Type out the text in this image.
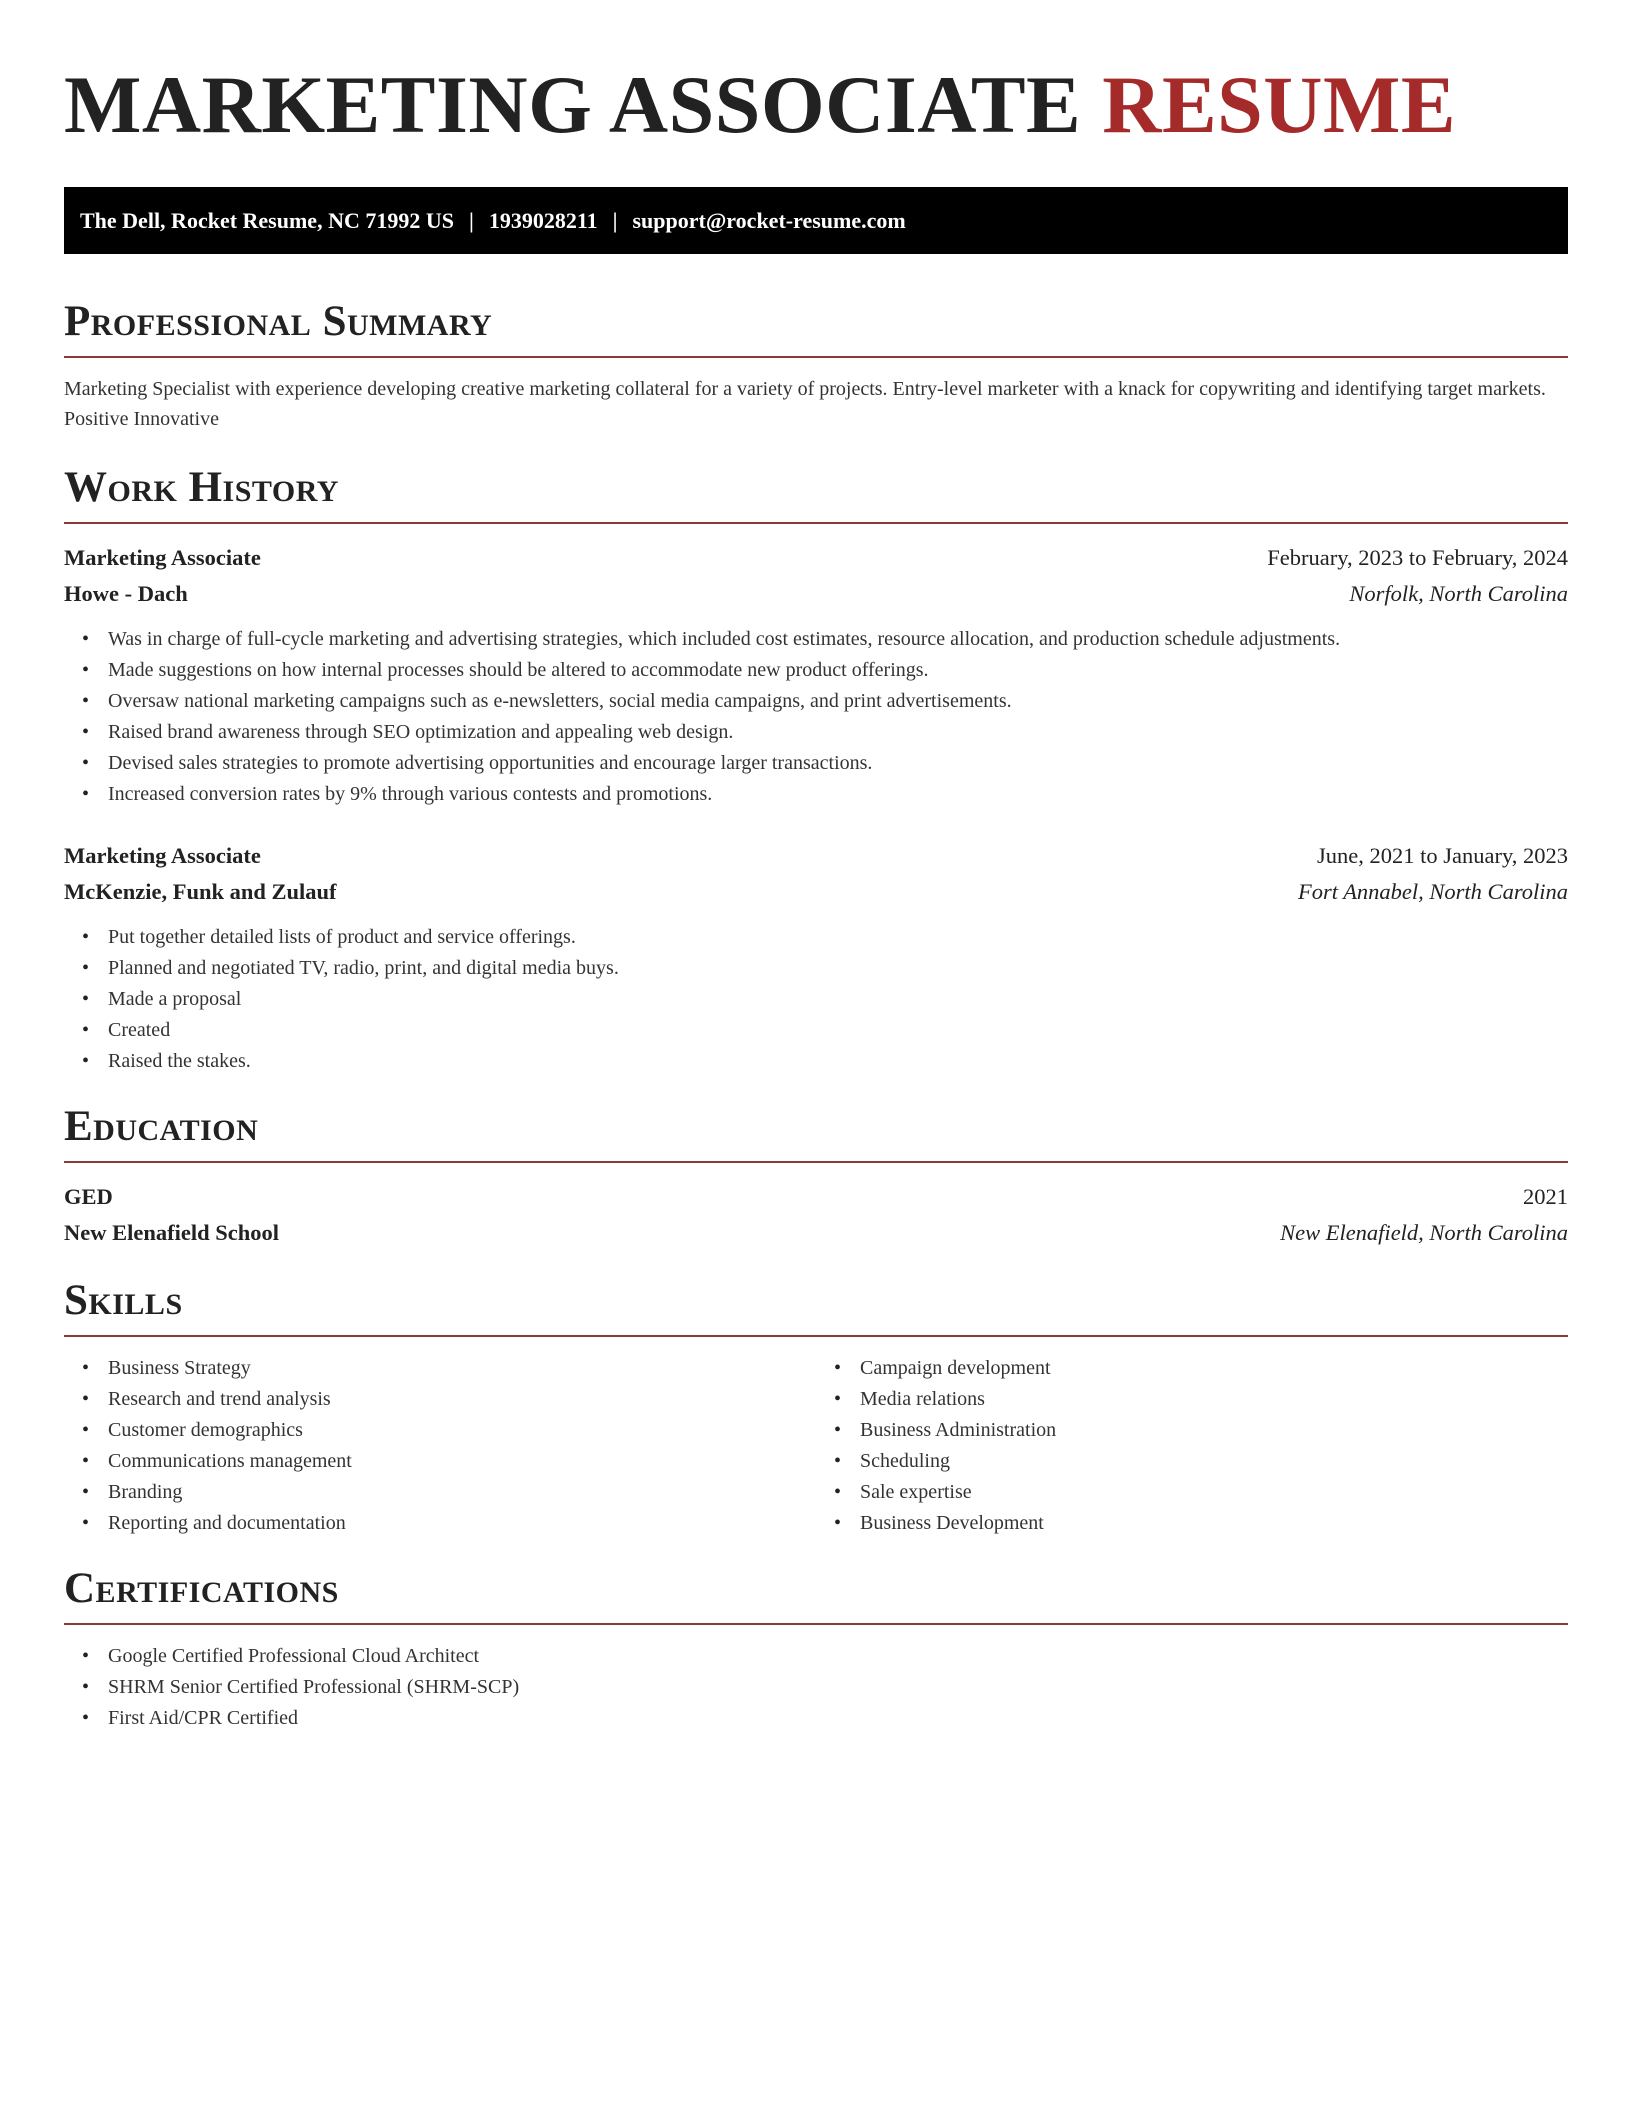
MARKETING ASSOCIATE RESUME
The Dell, Rocket Resume, NC 71992 US | 1939028211 | support@rocket-resume.com
Professional Summary

Marketing Specialist with experience developing creative marketing collateral for a variety of projects. Entry-level marketer with a knack for copywriting and identifying target markets. Positive Innovative

Work History
Marketing Associate	February, 2023 to February, 2024
Howe - Dach	Norfolk, North Carolina
• Was in charge of full-cycle marketing and advertising strategies, which included cost estimates, resource allocation, and production schedule adjustments.
• Made suggestions on how internal processes should be altered to accommodate new product offerings.
• Oversaw national marketing campaigns such as e-newsletters, social media campaigns, and print advertisements.
• Raised brand awareness through SEO optimization and appealing web design.
• Devised sales strategies to promote advertising opportunities and encourage larger transactions.
• Increased conversion rates by 9% through various contests and promotions.
Marketing Associate	June, 2021 to January, 2023
McKenzie, Funk and Zulauf	Fort Annabel, North Carolina
• Put together detailed lists of product and service offerings.
• Planned and negotiated TV, radio, print, and digital media buys.
• Made a proposal
• Created
• Raised the stakes.
Education
GED	2021
New Elenafield School	New Elenafield, North Carolina
Skills
• Business Strategy
• Research and trend analysis
• Customer demographics
• Communications management
• Branding
• Reporting and documentation
• Campaign development
• Media relations
• Business Administration
• Scheduling
• Sale expertise
• Business Development
Certifications
• Google Certified Professional Cloud Architect
• SHRM Senior Certified Professional (SHRM-SCP)
• First Aid/CPR Certified
